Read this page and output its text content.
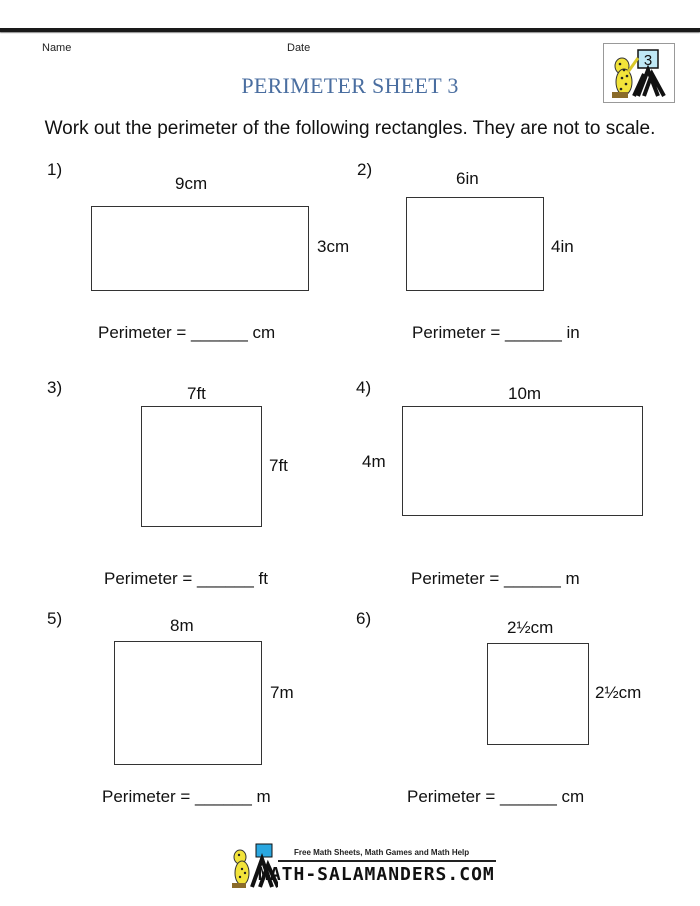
Name	Date
PERIMETER SHEET 3
3
Work out the perimeter of the following rectangles. They are not to scale.
1)
9cm
3cm
Perimeter = ______ cm
2)	6in
4in
Perimeter = ______ in
3)	7ft
7ft
Perimeter = ______ ft
4)	10m
4m
Perimeter = ______ m
5)	8m
7m
Perimeter = ______ m
6)	2½cm
2½cm
Perimeter = ______ cm
Free Math Sheets, Math Games and Math Help
MATH-SALAMANDERS.COM
